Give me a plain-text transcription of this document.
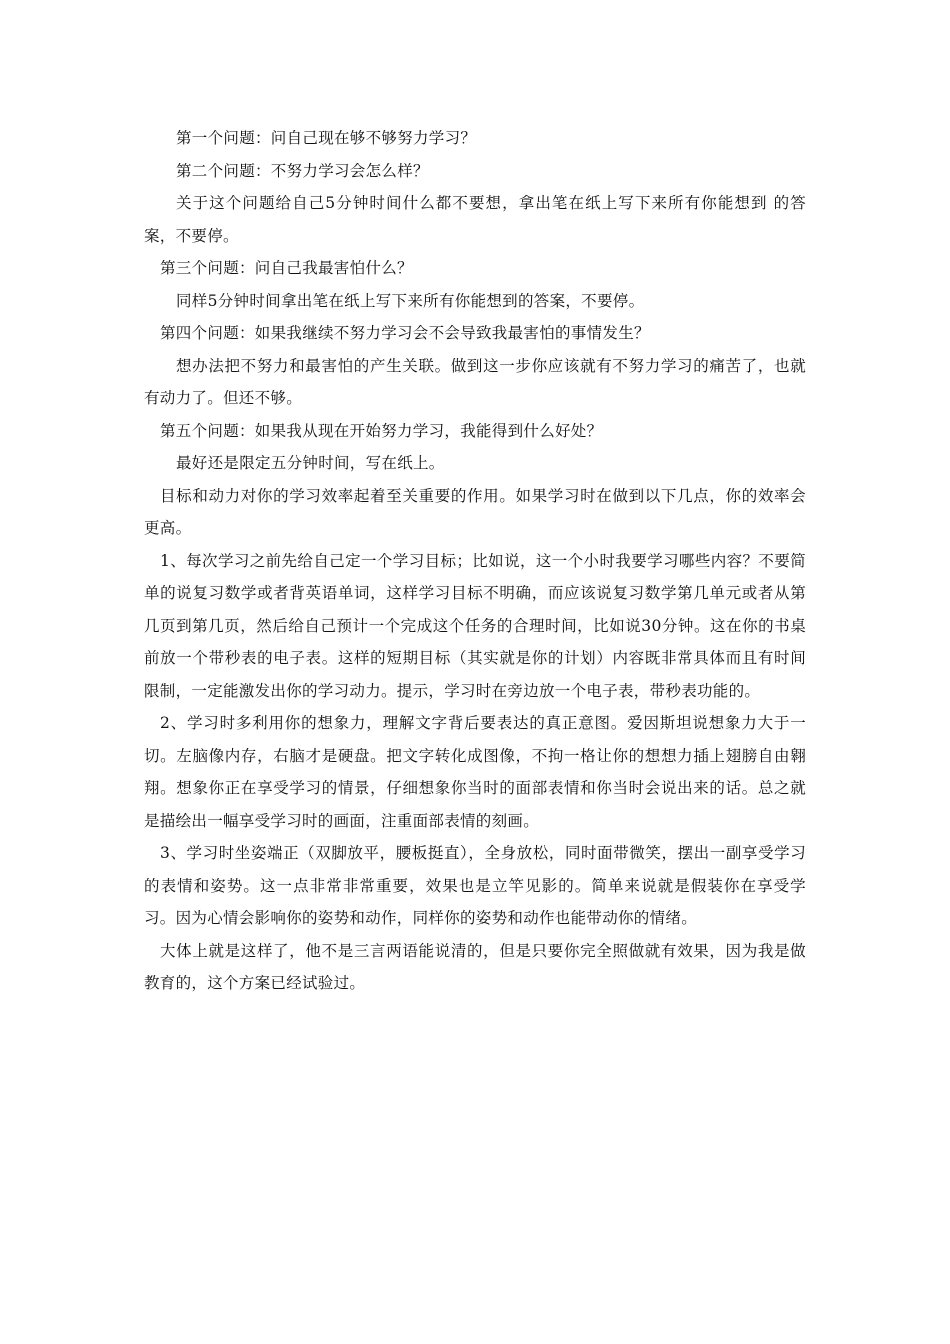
第一个问题：问自己现在够不够努力学习？

第二个问题：不努力学习会怎么样？

关于这个问题给自己5分钟时间什么都不要想，拿出笔在纸上写下来所有你能想到 的答案，不要停。

第三个问题：问自己我最害怕什么？

同样5分钟时间拿出笔在纸上写下来所有你能想到的答案，不要停。

第四个问题：如果我继续不努力学习会不会导致我最害怕的事情发生？

想办法把不努力和最害怕的产生关联。做到这一步你应该就有不努力学习的痛苦了，也就有动力了。但还不够。

第五个问题：如果我从现在开始努力学习，我能得到什么好处？

最好还是限定五分钟时间，写在纸上。

目标和动力对你的学习效率起着至关重要的作用。如果学习时在做到以下几点，你的效率会更高。

1、每次学习之前先给自己定一个学习目标；比如说，这一个小时我要学习哪些内容？不要简单的说复习数学或者背英语单词，这样学习目标不明确，而应该说复习数学第几单元或者从第几页到第几页，然后给自己预计一个完成这个任务的合理时间，比如说30分钟。这在你的书桌前放一个带秒表的电子表。这样的短期目标（其实就是你的计划）内容既非常具体而且有时间限制，一定能激发出你的学习动力。提示，学习时在旁边放一个电子表，带秒表功能的。

2、学习时多利用你的想象力，理解文字背后要表达的真正意图。爱因斯坦说想象力大于一切。左脑像内存，右脑才是硬盘。把文字转化成图像，不拘一格让你的想想力插上翅膀自由翱翔。想象你正在享受学习的情景，仔细想象你当时的面部表情和你当时会说出来的话。总之就是描绘出一幅享受学习时的画面，注重面部表情的刻画。

3、学习时坐姿端正（双脚放平，腰板挺直），全身放松，同时面带微笑，摆出一副享受学习的表情和姿势。这一点非常非常重要，效果也是立竿见影的。简单来说就是假装你在享受学习。因为心情会影响你的姿势和动作，同样你的姿势和动作也能带动你的情绪。

大体上就是这样了，他不是三言两语能说清的，但是只要你完全照做就有效果，因为我是做教育的，这个方案已经试验过。
